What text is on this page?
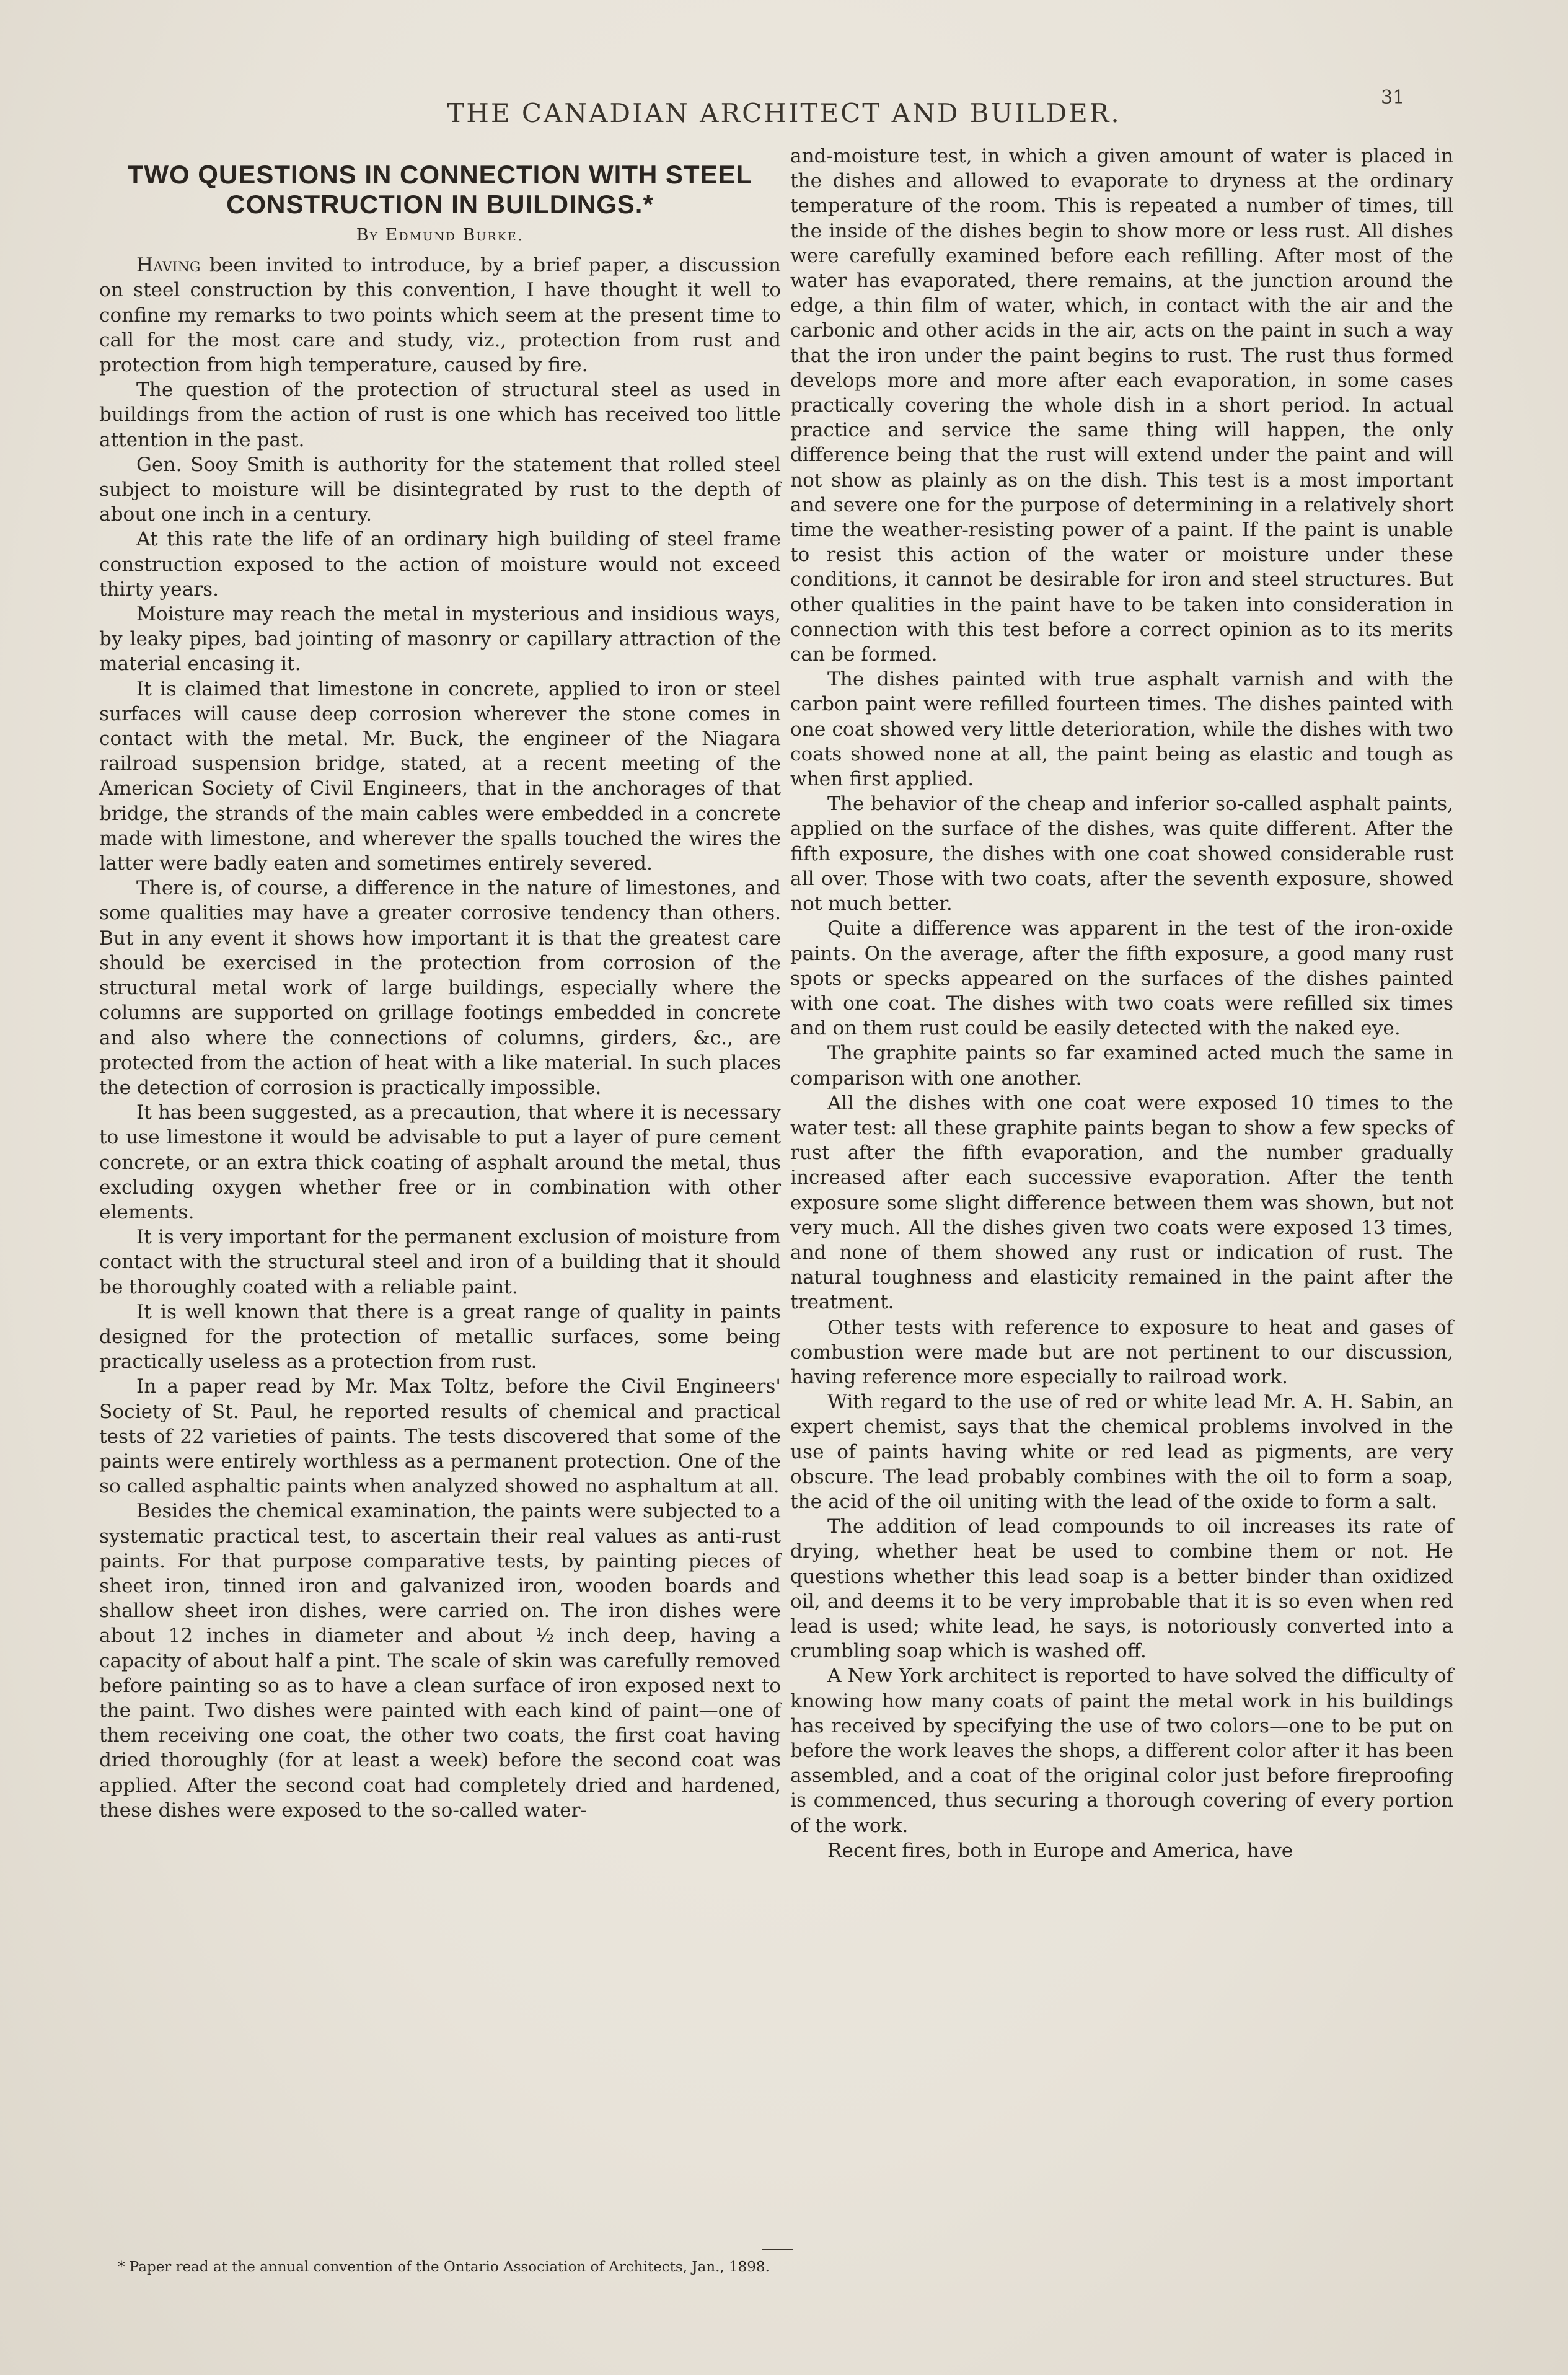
THE CANADIAN ARCHITECT AND BUILDER.
31
TWO QUESTIONS IN CONNECTION WITH STEEL CONSTRUCTION IN BUILDINGS.*
By Edmund Burke.

Having been invited to introduce, by a brief paper, a discussion on steel construction by this convention, I have thought it well to confine my remarks to two points which seem at the present time to call for the most care and study, viz., protection from rust and protection from high temperature, caused by fire.

The question of the protection of structural steel as used in buildings from the action of rust is one which has received too little attention in the past.

Gen. Sooy Smith is authority for the statement that rolled steel subject to moisture will be disintegrated by rust to the depth of about one inch in a century.

At this rate the life of an ordinary high building of steel frame construction exposed to the action of moisture would not exceed thirty years.

Moisture may reach the metal in mysterious and insidious ways, by leaky pipes, bad jointing of masonry or capillary attraction of the material encasing it.

It is claimed that limestone in concrete, applied to iron or steel surfaces will cause deep corrosion wherever the stone comes in contact with the metal. Mr. Buck, the engineer of the Niagara railroad suspension bridge, stated, at a recent meeting of the American Society of Civil Engineers, that in the anchorages of that bridge, the strands of the main cables were embedded in a concrete made with limestone, and wherever the spalls touched the wires the latter were badly eaten and sometimes entirely severed.

There is, of course, a difference in the nature of limestones, and some qualities may have a greater corrosive tendency than others. But in any event it shows how important it is that the greatest care should be exercised in the protection from corrosion of the structural metal work of large buildings, especially where the columns are supported on grillage footings embedded in concrete and also where the connections of columns, girders, &c., are protected from the action of heat with a like material. In such places the detection of corrosion is practically impossible.

It has been suggested, as a precaution, that where it is necessary to use limestone it would be advisable to put a layer of pure cement concrete, or an extra thick coating of asphalt around the metal, thus excluding oxygen whether free or in combination with other elements.

It is very important for the permanent exclusion of moisture from contact with the structural steel and iron of a building that it should be thoroughly coated with a reliable paint.

It is well known that there is a great range of quality in paints designed for the protection of metallic surfaces, some being practically useless as a protection from rust.

In a paper read by Mr. Max Toltz, before the Civil Engineers' Society of St. Paul, he reported results of chemical and practical tests of 22 varieties of paints. The tests discovered that some of the paints were entirely worthless as a permanent protection. One of the so called asphaltic paints when analyzed showed no asphaltum at all.

Besides the chemical examination, the paints were subjected to a systematic practical test, to ascertain their real values as anti-rust paints. For that purpose comparative tests, by painting pieces of sheet iron, tinned iron and galvanized iron, wooden boards and shallow sheet iron dishes, were carried on. The iron dishes were about 12 inches in diameter and about ½ inch deep, having a capacity of about half a pint. The scale of skin was carefully removed before painting so as to have a clean surface of iron exposed next to the paint. Two dishes were painted with each kind of paint—one of them receiving one coat, the other two coats, the first coat having dried thoroughly (for at least a week) before the second coat was applied. After the second coat had completely dried and hardened, these dishes were exposed to the so-called water-

and-moisture test, in which a given amount of water is placed in the dishes and allowed to evaporate to dryness at the ordinary temperature of the room. This is repeated a number of times, till the inside of the dishes begin to show more or less rust. All dishes were carefully examined before each refilling. After most of the water has evaporated, there remains, at the junction around the edge, a thin film of water, which, in contact with the air and the carbonic and other acids in the air, acts on the paint in such a way that the iron under the paint begins to rust. The rust thus formed develops more and more after each evaporation, in some cases practically covering the whole dish in a short period. In actual practice and service the same thing will happen, the only difference being that the rust will extend under the paint and will not show as plainly as on the dish. This test is a most important and severe one for the purpose of determining in a relatively short time the weather-resisting power of a paint. If the paint is unable to resist this action of the water or moisture under these conditions, it cannot be desirable for iron and steel structures. But other qualities in the paint have to be taken into consideration in connection with this test before a correct opinion as to its merits can be formed.

The dishes painted with true asphalt varnish and with the carbon paint were refilled fourteen times. The dishes painted with one coat showed very little deterioration, while the dishes with two coats showed none at all, the paint being as elastic and tough as when first applied.

The behavior of the cheap and inferior so-called asphalt paints, applied on the surface of the dishes, was quite different. After the fifth exposure, the dishes with one coat showed considerable rust all over. Those with two coats, after the seventh exposure, showed not much better.

Quite a difference was apparent in the test of the iron-oxide paints. On the average, after the fifth exposure, a good many rust spots or specks appeared on the surfaces of the dishes painted with one coat. The dishes with two coats were refilled six times and on them rust could be easily detected with the naked eye.

The graphite paints so far examined acted much the same in comparison with one another.

All the dishes with one coat were exposed 10 times to the water test: all these graphite paints began to show a few specks of rust after the fifth evaporation, and the number gradually increased after each successive evaporation. After the tenth exposure some slight difference between them was shown, but not very much. All the dishes given two coats were exposed 13 times, and none of them showed any rust or indication of rust. The natural toughness and elasticity remained in the paint after the treatment.

Other tests with reference to exposure to heat and gases of combustion were made but are not pertinent to our discussion, having reference more especially to railroad work.

With regard to the use of red or white lead Mr. A. H. Sabin, an expert chemist, says that the chemical problems involved in the use of paints having white or red lead as pigments, are very obscure. The lead probably combines with the oil to form a soap, the acid of the oil uniting with the lead of the oxide to form a salt.

The addition of lead compounds to oil increases its rate of drying, whether heat be used to combine them or not. He questions whether this lead soap is a better binder than oxidized oil, and deems it to be very improbable that it is so even when red lead is used; white lead, he says, is notoriously converted into a crumbling soap which is washed off.

A New York architect is reported to have solved the difficulty of knowing how many coats of paint the metal work in his buildings has received by specifying the use of two colors—one to be put on before the work leaves the shops, a different color after it has been assembled, and a coat of the original color just before fireproofing is commenced, thus securing a thorough covering of every portion of the work.

Recent fires, both in Europe and America, have

* Paper read at the annual convention of the Ontario Association of Architects, Jan., 1898.
